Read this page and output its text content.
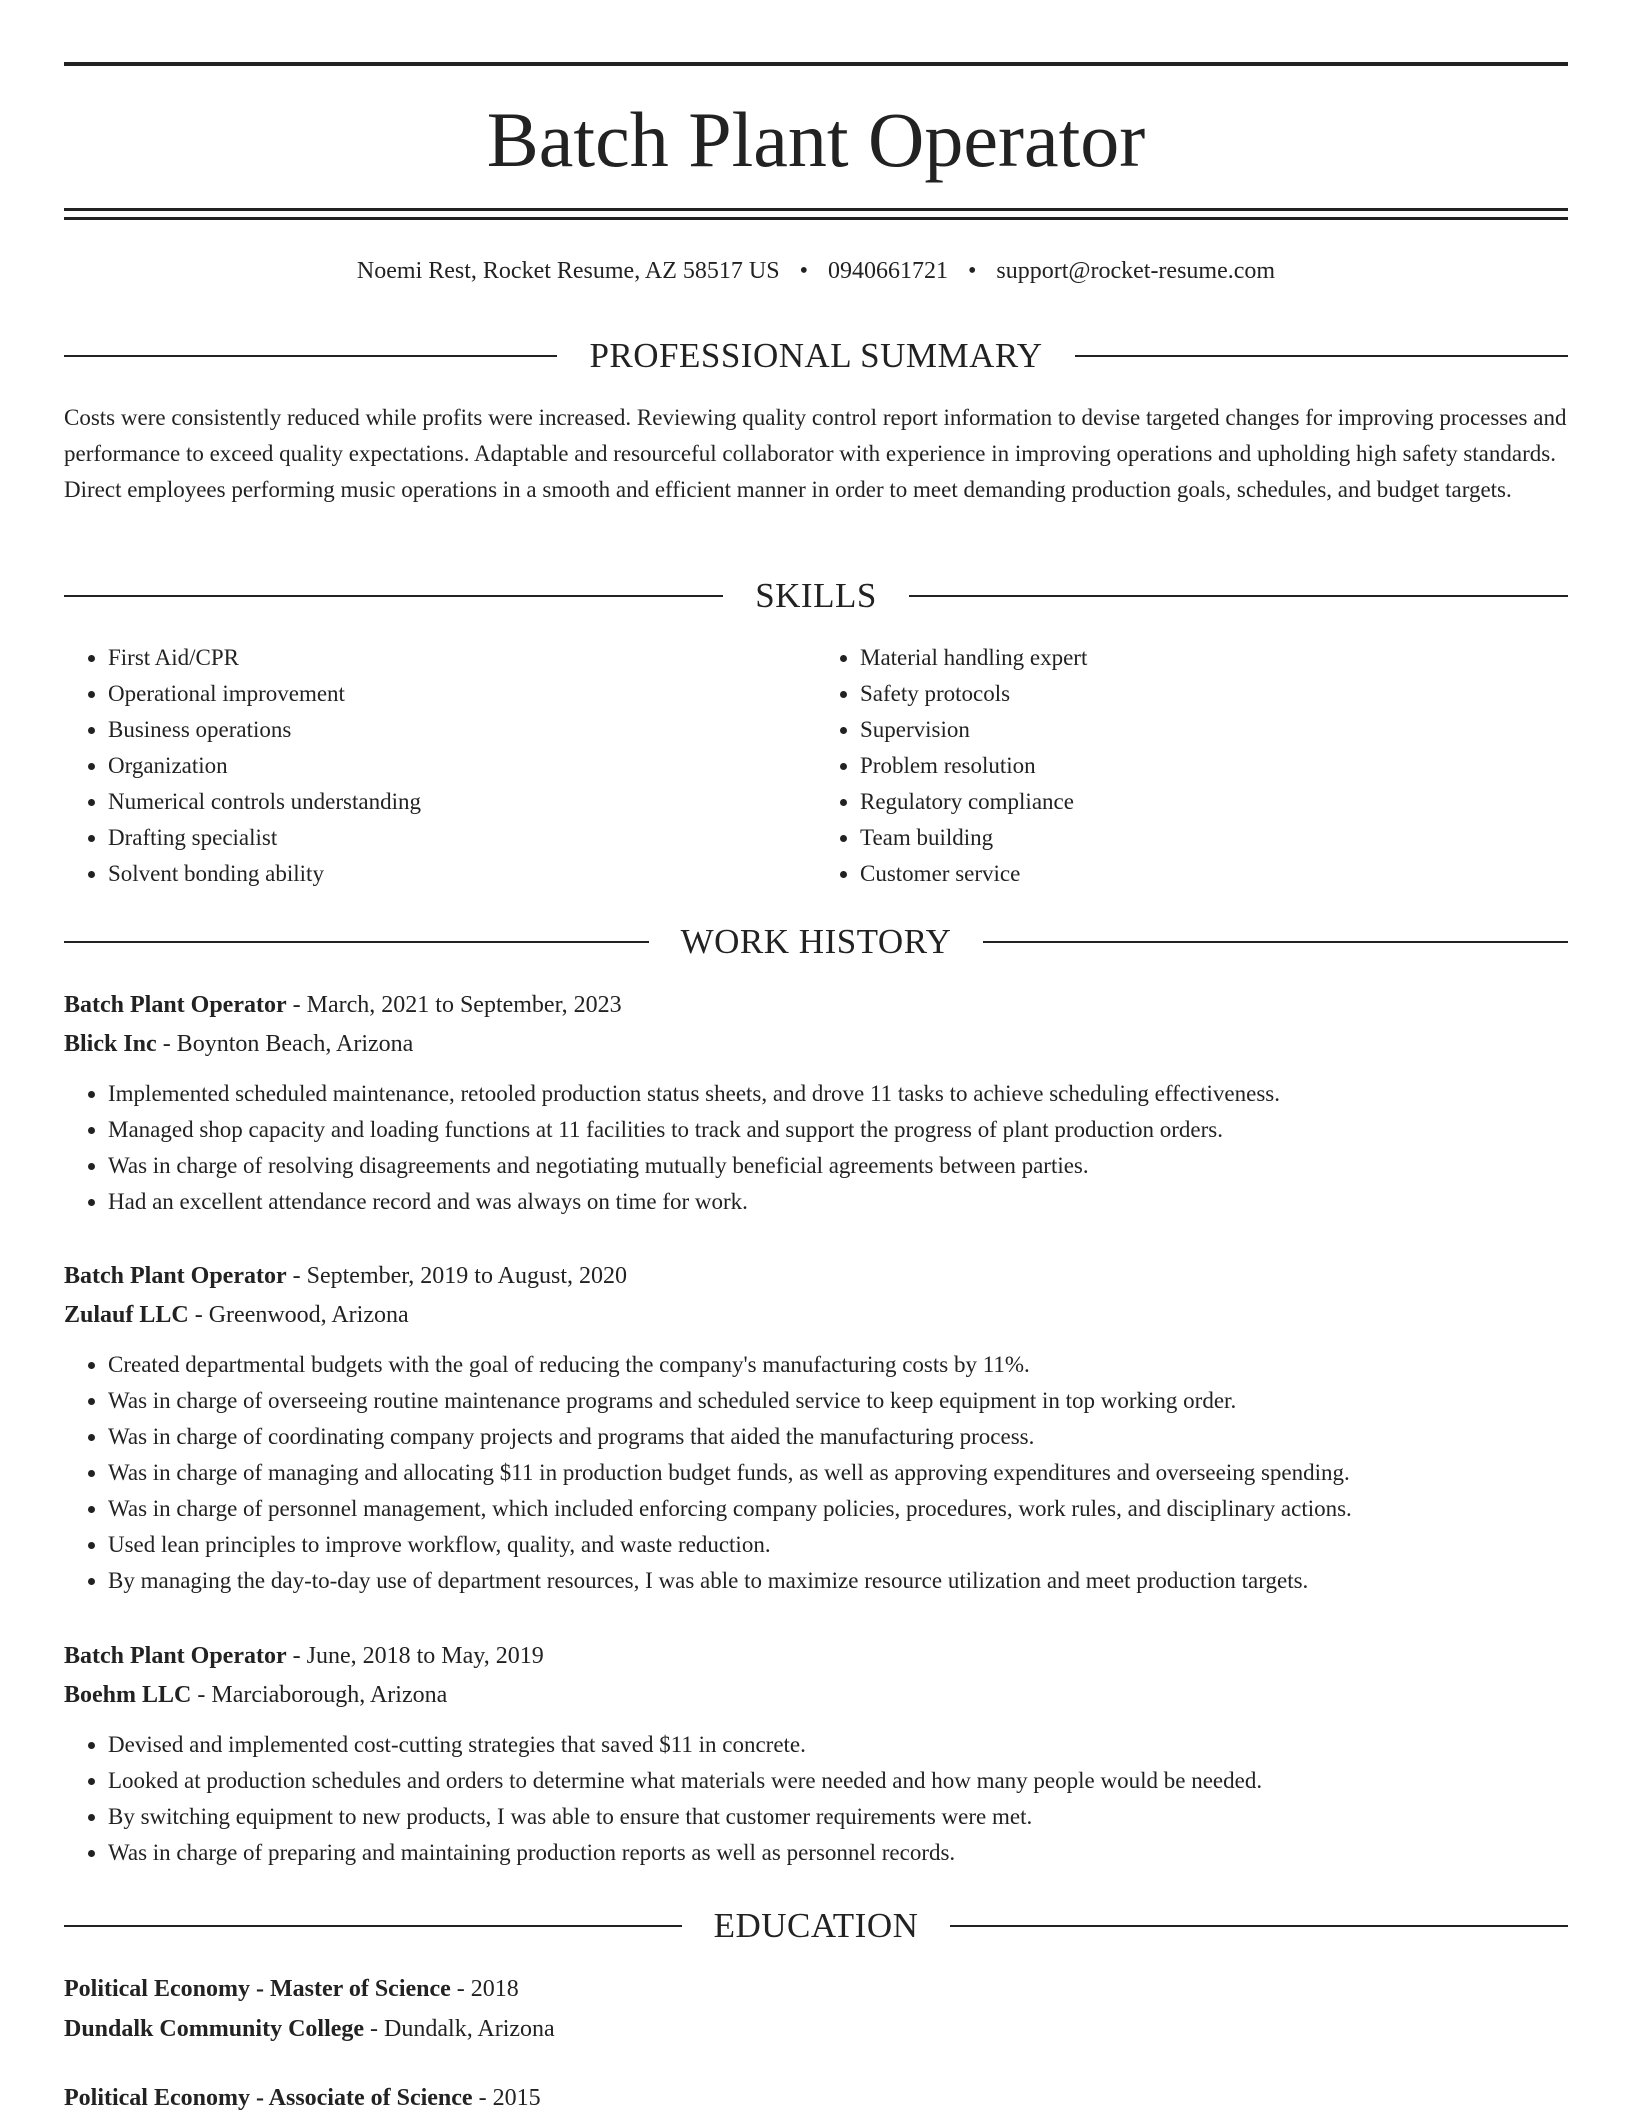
Batch Plant Operator
Noemi Rest, Rocket Resume, AZ 58517 US • 0940661721 • support@rocket-resume.com
PROFESSIONAL SUMMARY

Costs were consistently reduced while profits were increased. Reviewing quality control report information to devise targeted changes for improving processes and performance to exceed quality expectations. Adaptable and resourceful collaborator with experience in improving operations and upholding high safety standards. Direct employees performing music operations in a smooth and efficient manner in order to meet demanding production goals, schedules, and budget targets.

SKILLS
• First Aid/CPR
• Operational improvement
• Business operations
• Organization
• Numerical controls understanding
• Drafting specialist
• Solvent bonding ability
• Material handling expert
• Safety protocols
• Supervision
• Problem resolution
• Regulatory compliance
• Team building
• Customer service
WORK HISTORY
Batch Plant Operator - March, 2021 to September, 2023
Blick Inc - Boynton Beach, Arizona
• Implemented scheduled maintenance, retooled production status sheets, and drove 11 tasks to achieve scheduling effectiveness.
• Managed shop capacity and loading functions at 11 facilities to track and support the progress of plant production orders.
• Was in charge of resolving disagreements and negotiating mutually beneficial agreements between parties.
• Had an excellent attendance record and was always on time for work.
Batch Plant Operator - September, 2019 to August, 2020
Zulauf LLC - Greenwood, Arizona
• Created departmental budgets with the goal of reducing the company's manufacturing costs by 11%.
• Was in charge of overseeing routine maintenance programs and scheduled service to keep equipment in top working order.
• Was in charge of coordinating company projects and programs that aided the manufacturing process.
• Was in charge of managing and allocating $11 in production budget funds, as well as approving expenditures and overseeing spending.
• Was in charge of personnel management, which included enforcing company policies, procedures, work rules, and disciplinary actions.
• Used lean principles to improve workflow, quality, and waste reduction.
• By managing the day-to-day use of department resources, I was able to maximize resource utilization and meet production targets.
Batch Plant Operator - June, 2018 to May, 2019
Boehm LLC - Marciaborough, Arizona
• Devised and implemented cost-cutting strategies that saved $11 in concrete.
• Looked at production schedules and orders to determine what materials were needed and how many people would be needed.
• By switching equipment to new products, I was able to ensure that customer requirements were met.
• Was in charge of preparing and maintaining production reports as well as personnel records.
EDUCATION
Political Economy - Master of Science - 2018
Dundalk Community College - Dundalk, Arizona
Political Economy - Associate of Science - 2015
